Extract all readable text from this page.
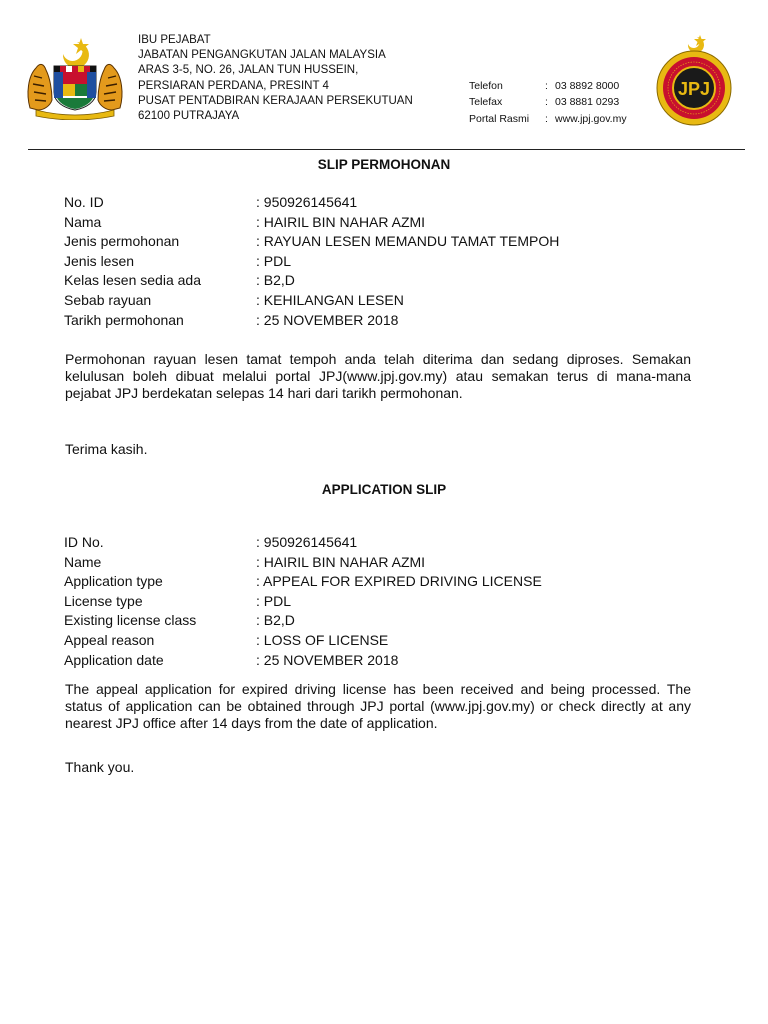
IBU PEJABAT
JABATAN PENGANGKUTAN JALAN MALAYSIA
ARAS 3-5, NO. 26, JALAN TUN HUSSEIN,
PERSIARAN PERDANA, PRESINT 4
PUSAT PENTADBIRAN KERAJAAN PERSEKUTUAN
62100 PUTRAJAYA
Telefon	: 03 8892 8000
Telefax	: 03 8881 0293
Portal Rasmi	: www.jpj.gov.my
JPJ
SLIP PERMOHONAN
No. ID	: 950926145641
Nama	: HAIRIL BIN NAHAR AZMI
Jenis permohonan	: RAYUAN LESEN MEMANDU TAMAT TEMPOH
Jenis lesen	: PDL
Kelas lesen sedia ada	: B2,D
Sebab rayuan	: KEHILANGAN LESEN
Tarikh permohonan	: 25 NOVEMBER 2018
Permohonan rayuan lesen tamat tempoh anda telah diterima dan sedang diproses. Semakan kelulusan boleh dibuat melalui portal JPJ(www.jpj.gov.my) atau semakan terus di mana-mana pejabat JPJ berdekatan selepas 14 hari dari tarikh permohonan.
Terima kasih.
APPLICATION SLIP
ID No.	: 950926145641
Name	: HAIRIL BIN NAHAR AZMI
Application type	: APPEAL FOR EXPIRED DRIVING LICENSE
License type	: PDL
Existing license class	: B2,D
Appeal reason	: LOSS OF LICENSE
Application date	: 25 NOVEMBER 2018
The appeal application for expired driving license has been received and being processed. The status of application can be obtained through JPJ portal (www.jpj.gov.my) or check directly at any nearest JPJ office after 14 days from the date of application.
Thank you.
